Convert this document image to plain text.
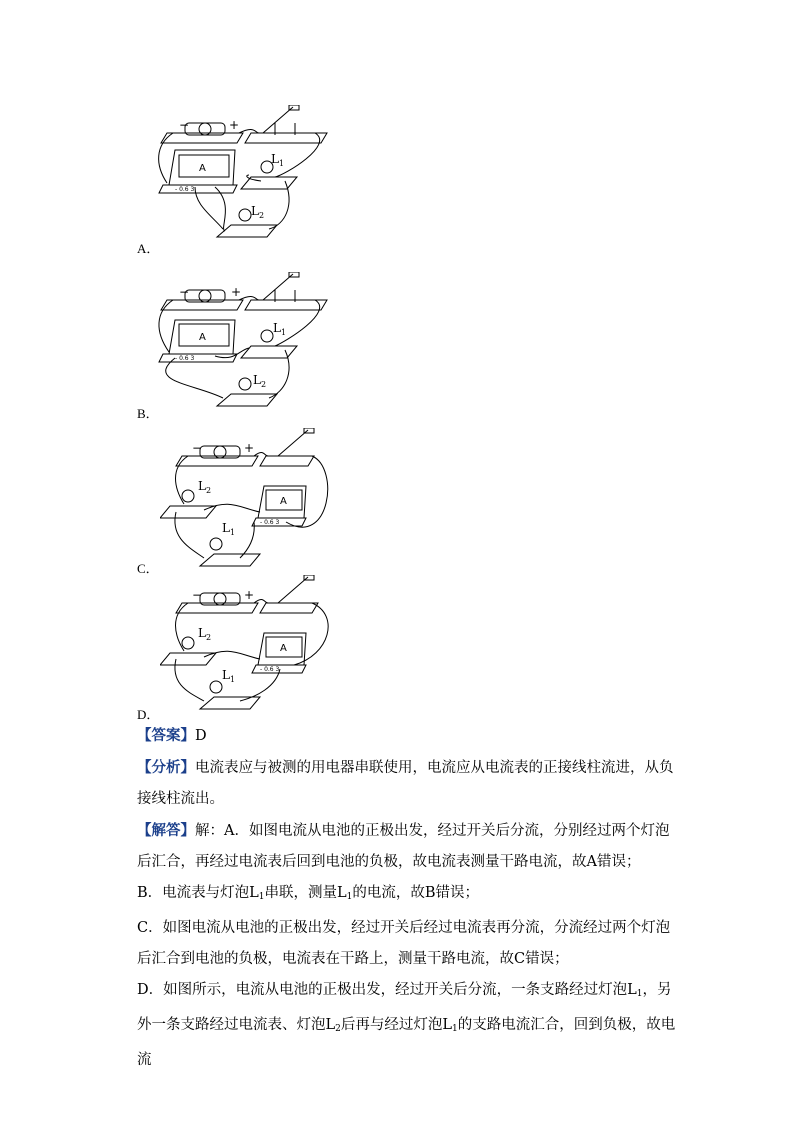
−	+
A
- 0.6 3
$L_1$
$L_2$
A．
−	+
A
- 0.6 3
$L_1$
$L_2$
B．
−	+
A
- 0.6 3
$L_2$
$L_1$
C．
−	+
A
- 0.6 3
$L_2$
$L_1$
D．
【答案】D
【分析】电流表应与被测的用电器串联使用，电流应从电流表的正接线柱流进，从负接线柱流出。
【解答】解：A．如图电流从电池的正极出发，经过开关后分流，分别经过两个灯泡后汇合，再经过电流表后回到电池的负极，故电流表测量干路电流，故A错误；
B．电流表与灯泡$L_1$串联，测量$L_1$的电流，故B错误；
C．如图电流从电池的正极出发，经过开关后经过电流表再分流，分流经过两个灯泡后汇合到电池的负极，电流表在干路上，测量干路电流，故C错误；
D．如图所示，电流从电池的正极出发，经过开关后分流，一条支路经过灯泡$L_1$，另外一条支路经过电流表、灯泡$L_2$后再与经过灯泡$L_1$的支路电流汇合，回到负极，故电流
